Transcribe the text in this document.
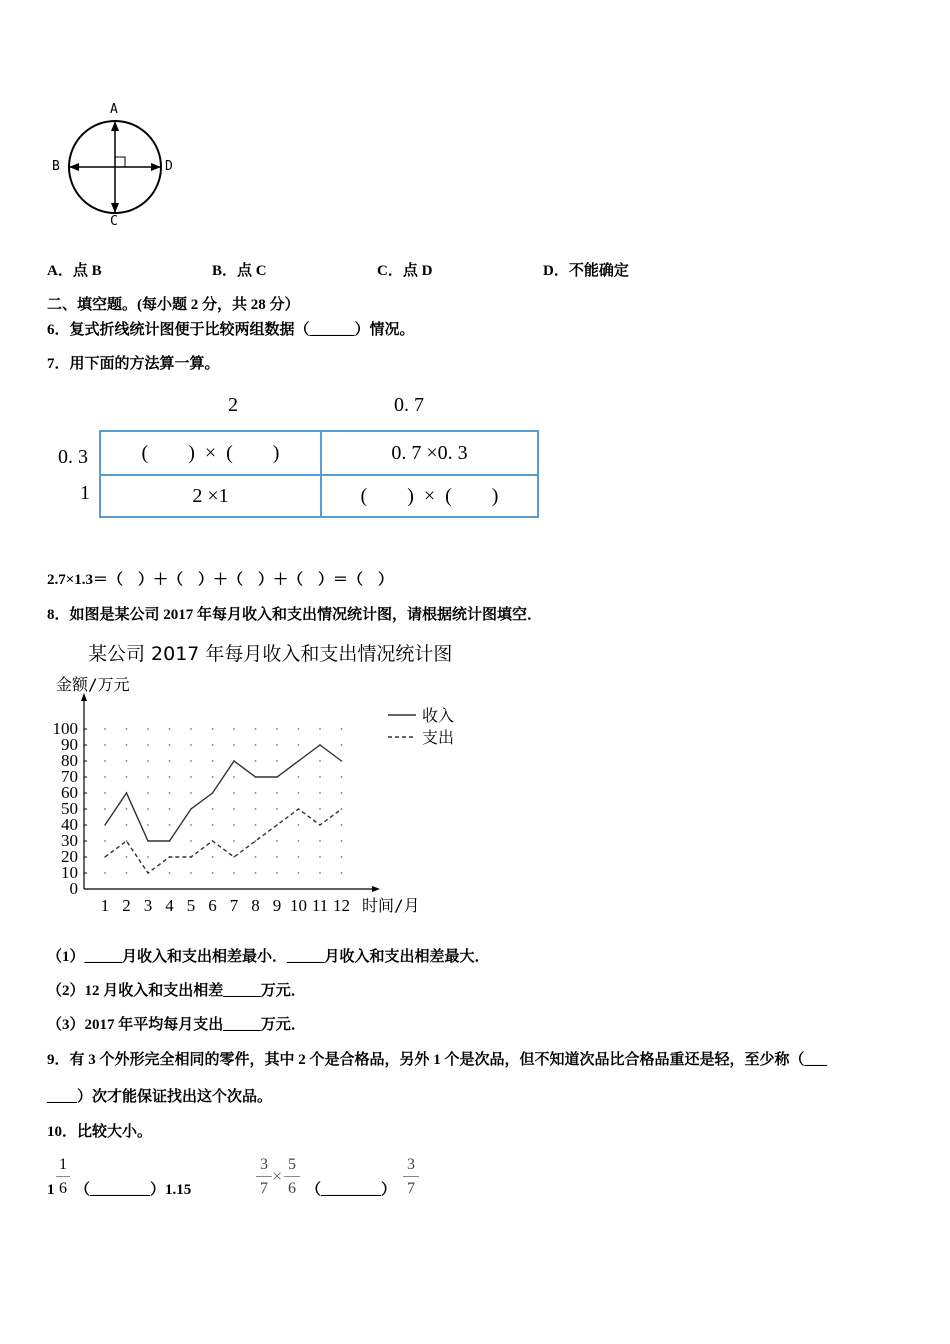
A
B
C
D
A．点 B	B．点 C	C．点 D	D．不能确定
二、填空题。(每小题 2 分，共 28 分）
6．复式折线统计图便于比较两组数据（______）情况。
7．用下面的方法算一算。
2	0. 7
0. 3
1
(　　)  ×  (　　)	0. 7 ×0. 3
2 ×1	(　　)  ×  (　　)
2.7×1.3＝（　）＋（　）＋（　）＋（　）＝（　）
8．如图是某公司 2017 年每月收入和支出情况统计图，请根据统计图填空．
某公司 2017 年每月收入和支出情况统计图
0
10
20
30
40
50
60
70
80
90
100
1 2 3 4 5 6 7 8 9 10 11 12
金额/万元
时间/月
收入
支出
（1）_____月收入和支出相差最小．_____月收入和支出相差最大．
（2）12 月收入和支出相差_____万元．
（3）2017 年平均每月支出_____万元．
9．有 3 个外形完全相同的零件，其中 2 个是合格品，另外 1 个是次品，但不知道次品比合格品重还是轻，至少称（___
____）次才能保证找出这个次品。
10．比较大小。
1
1
6 （________）1.15
3
7
×
5
6 （________）
3
7
